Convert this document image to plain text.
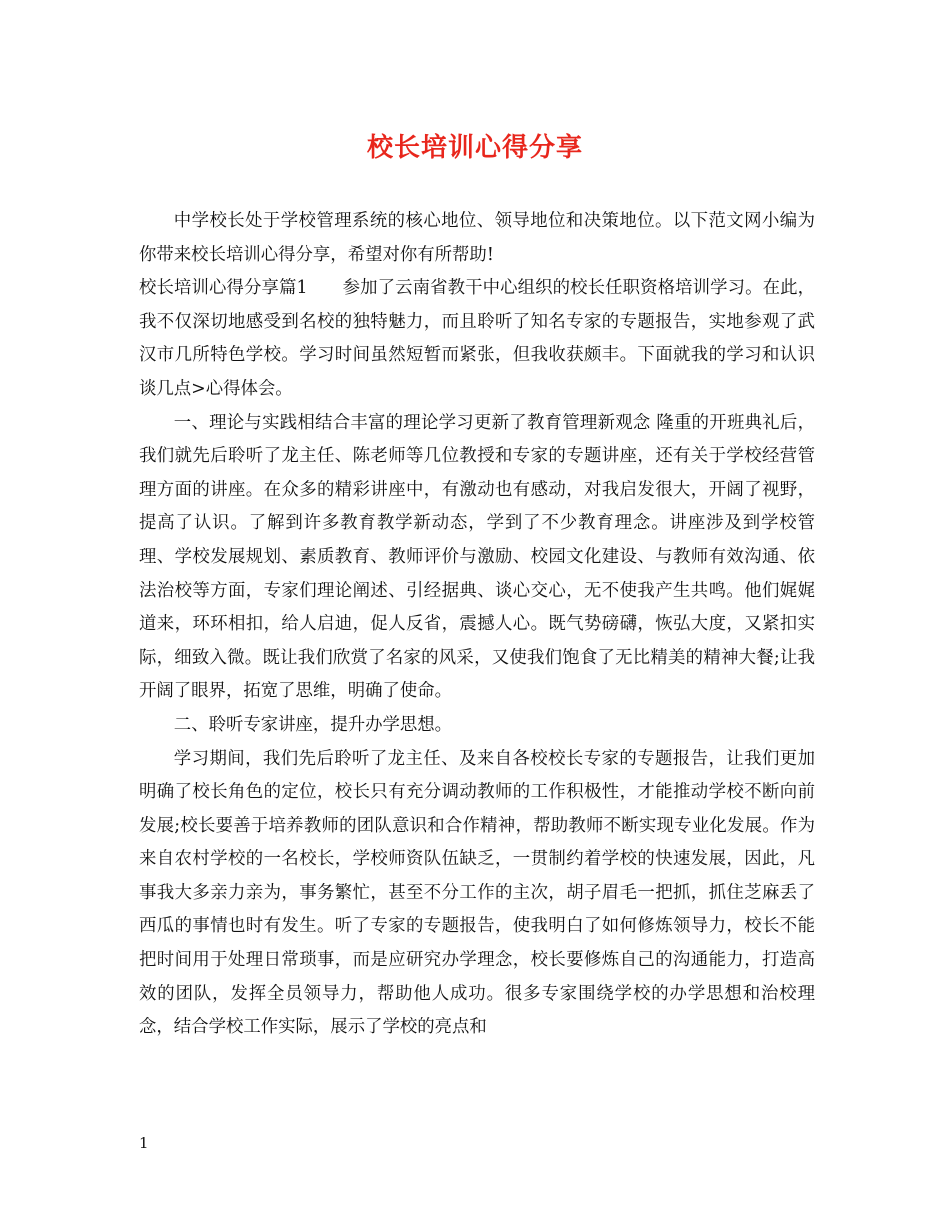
校长培训心得分享

中学校长处于学校管理系统的核心地位、领导地位和决策地位。以下范文网小编为你带来校长培训心得分享，希望对你有所帮助!

校长培训心得分享篇1　　参加了云南省教干中心组织的校长任职资格培训学习。在此，我不仅深切地感受到名校的独特魅力，而且聆听了知名专家的专题报告，实地参观了武汉市几所特色学校。学习时间虽然短暂而紧张，但我收获颇丰。下面就我的学习和认识谈几点>心得体会。

一、理论与实践相结合丰富的理论学习更新了教育管理新观念 隆重的开班典礼后，我们就先后聆听了龙主任、陈老师等几位教授和专家的专题讲座，还有关于学校经营管理方面的讲座。在众多的精彩讲座中，有激动也有感动，对我启发很大，开阔了视野，提高了认识。了解到许多教育教学新动态，学到了不少教育理念。讲座涉及到学校管理、学校发展规划、素质教育、教师评价与激励、校园文化建设、与教师有效沟通、依法治校等方面，专家们理论阐述、引经据典、谈心交心，无不使我产生共鸣。他们娓娓道来，环环相扣，给人启迪，促人反省，震撼人心。既气势磅礴，恢弘大度，又紧扣实际，细致入微。既让我们欣赏了名家的风采，又使我们饱食了无比精美的精神大餐;让我开阔了眼界，拓宽了思维，明确了使命。

二、聆听专家讲座，提升办学思想。

学习期间，我们先后聆听了龙主任、及来自各校校长专家的专题报告，让我们更加明确了校长角色的定位，校长只有充分调动教师的工作积极性，才能推动学校不断向前发展;校长要善于培养教师的团队意识和合作精神，帮助教师不断实现专业化发展。作为来自农村学校的一名校长，学校师资队伍缺乏，一贯制约着学校的快速发展，因此，凡事我大多亲力亲为，事务繁忙，甚至不分工作的主次，胡子眉毛一把抓，抓住芝麻丢了西瓜的事情也时有发生。听了专家的专题报告，使我明白了如何修炼领导力，校长不能把时间用于处理日常琐事，而是应研究办学理念，校长要修炼自己的沟通能力，打造高效的团队，发挥全员领导力，帮助他人成功。很多专家围绕学校的办学思想和治校理念，结合学校工作实际，展示了学校的亮点和

1
